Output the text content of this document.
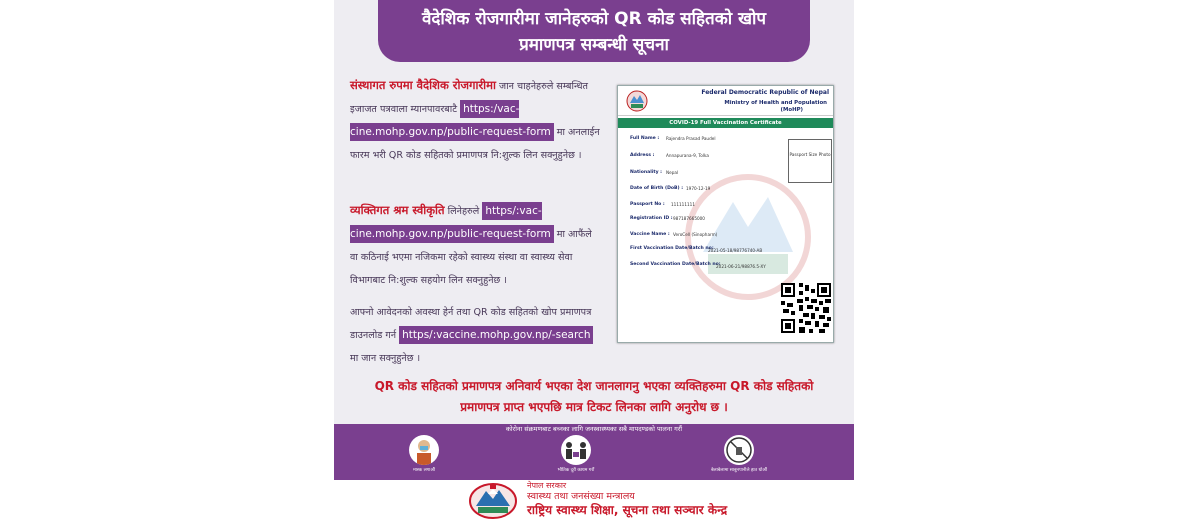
वैदेशिक रोजगारीमा जानेहरुको QR कोड सहितको खोप
प्रमाणपत्र सम्बन्धी सूचना
संस्थागत रुपमा वैदेशिक रोजगारीमा जान चाहनेहरुले सम्बन्धित इजाजत पत्रवाला म्यानपावरबाटै https:/vac-cine.mohp.gov.np/public-request-form मा अनलाईन फारम भरी QR कोड सहितको प्रमाणपत्र नि:शुल्क लिन सक्नुहुनेछ ।
व्यक्तिगत श्रम स्वीकृति लिनेहरुले https/:vac-cine.mohp.gov.np/public-request-form मा आफैंले वा कठिनाई भएमा नजिकमा रहेको स्वास्थ्य संस्था वा स्वास्थ्य सेवा विभागबाट नि:शुल्क सहयोग लिन सक्नुहुनेछ ।
आफ्नो आवेदनको अवस्था हेर्न तथा QR कोड सहितको खोप प्रमाणपत्र डाउनलोड गर्न https/:vaccine.mohp.gov.np/-search मा जान सक्नुहुनेछ ।
Federal Democratic Republic of Nepal
Ministry of Health and Population
(MoHP)
COVID-19 Full Vaccination Certificate
Passport Size Photo
Full Name : Rajendra Prasad Paudel
Address :	Annapurana-9, Tolka
Nationality : Nepal
Date of Birth (DoB) : 1970-12-19
Passport No : 111111111
Registration ID : 987187665000
Vaccine Name : VeroCell (Sinopharm)
First Vaccination Date/Batch no:
2021-05-18/98776740-AB
Second Vaccination Date/Batch no:
2021-06-21/98876.5-XY
QR कोड सहितको प्रमाणपत्र अनिवार्य भएका देश जानलागनु भएका व्यक्तिहरुमा QR कोड सहितको
प्रमाणपत्र प्राप्त भएपछि मात्र टिकट लिनका लागि अनुरोध छ ।
कोरोना संक्रमणबाट बच्नका लागि जनस्वास्थ्यका सबै मापदण्डको पालना गरौं
मास्क लगाऔं	भौतिक दूरी कायम गरौं	बेलाबेलामा साबुनपानीले हात धोऔं
नेपाल सरकार
स्वास्थ्य तथा जनसंख्या मन्त्रालय
राष्ट्रिय स्वास्थ्य शिक्षा, सूचना तथा सञ्चार केन्द्र
